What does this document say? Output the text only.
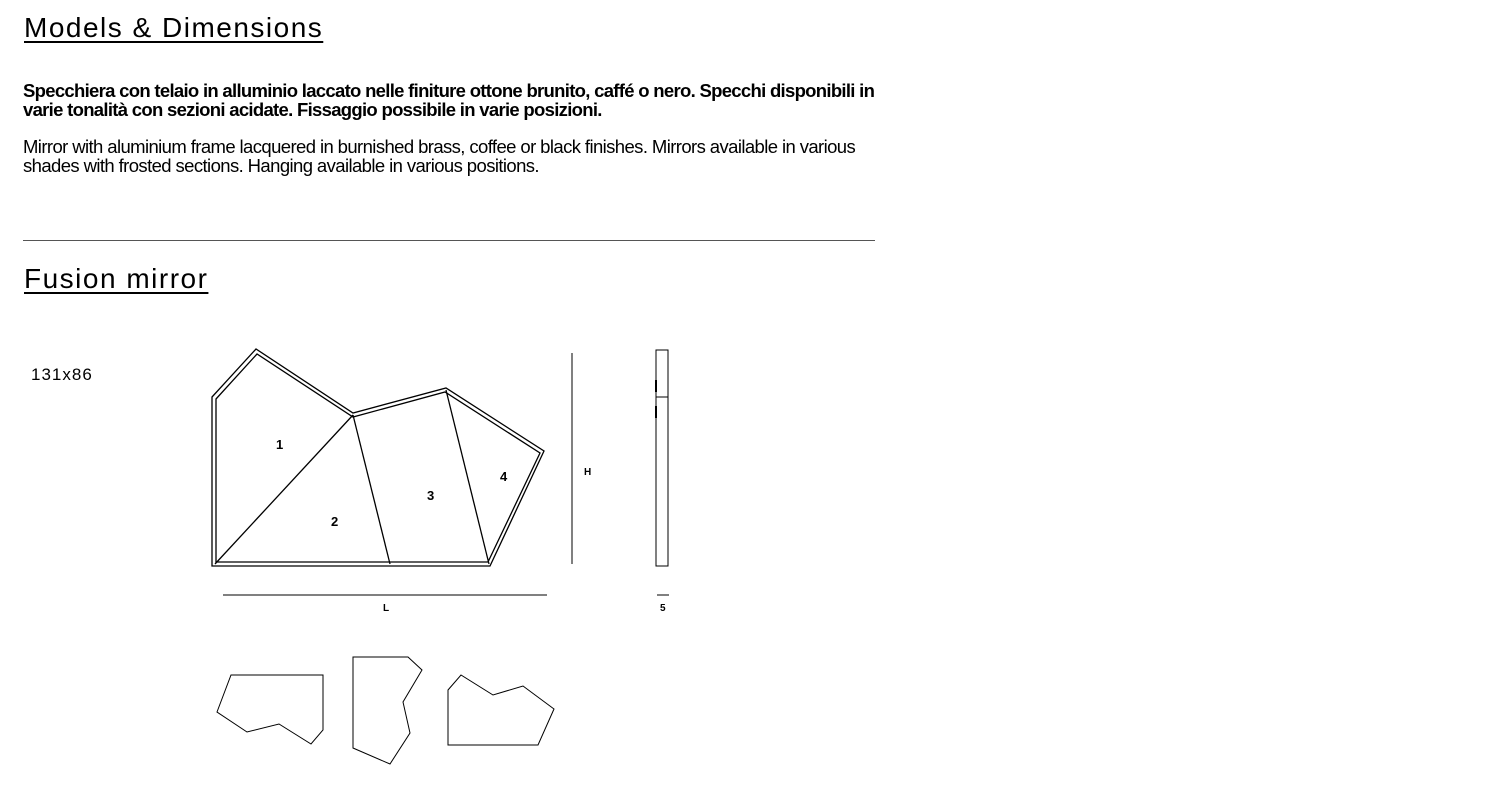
Models & Dimensions

Specchiera con telaio in alluminio laccato nelle finiture ottone brunito, caffé o nero. Specchi disponibili in varie tonalità con sezioni acidate. Fissaggio possibile in varie posizioni.

Mirror with aluminium frame lacquered in burnished brass, coffee or black finishes. Mirrors available in various shades with frosted sections. Hanging available in various positions.

Fusion mirror
131x86
1
2
3
4	H
L	5
